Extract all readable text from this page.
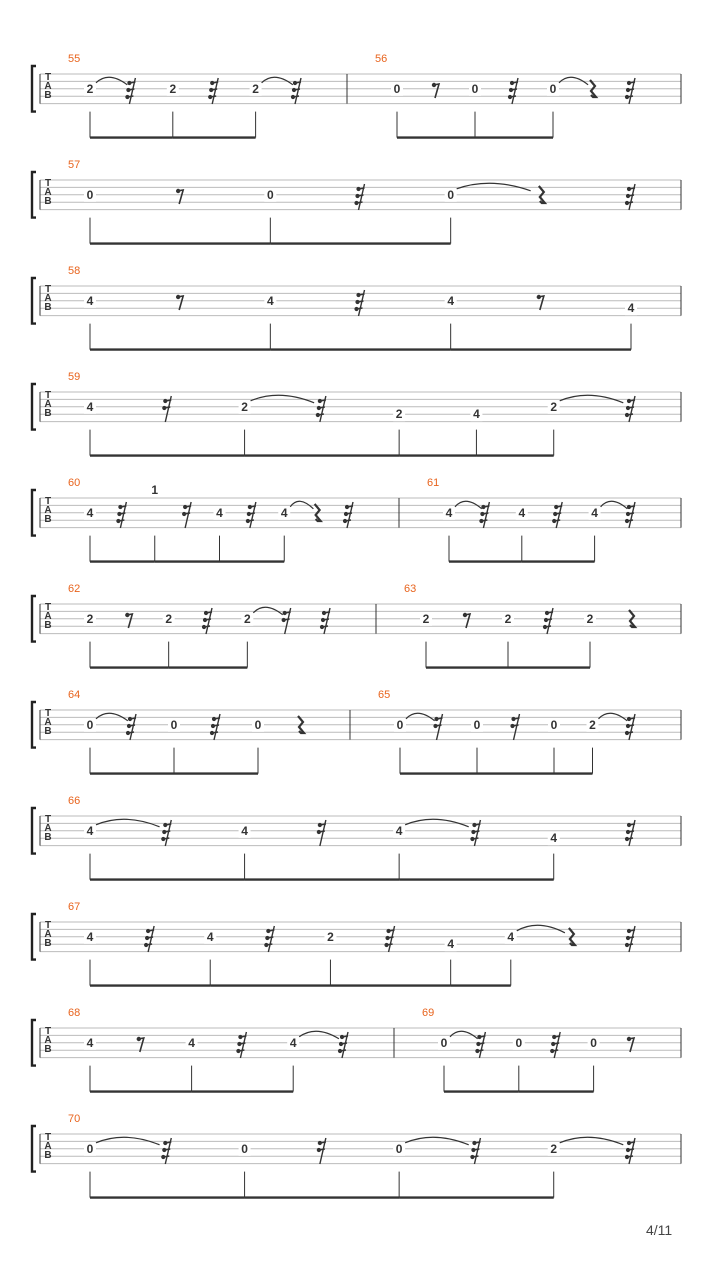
T
A
B
55
2	2	2
56
0	0	0
T
A
B
57
0	0	0
T
A
B
58
4	4	4
4
T
A
B
59
4	2
2	4
2
T
A
B
60
4
1
4	4
61
4	4	4
T
A
B
62
2	2	2
63
2	2	2
T
A
B
64
0	0	0
65
0	0	0	2
T
A
B
66
4	4	4
4
T
A
B
67
4	4	2
4
4
T
A
B
68
4	4	4
69
0	0	0
T
A
B
70
0	0	0	2
4/11
